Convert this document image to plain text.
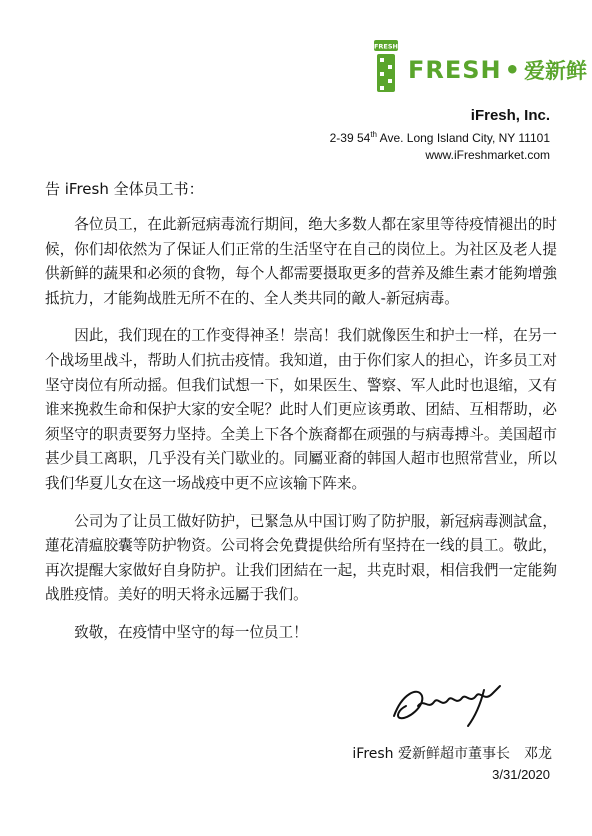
FRESH
FRESH • 爱新鲜
iFresh, Inc.
2-39 54th Ave. Long Island City, NY 11101
www.iFreshmarket.com
告 iFresh 全体员工书：

各位员工，在此新冠病毒流行期间，绝大多数人都在家里等待疫情褪出的时候，你们却依然为了保证人们正常的生活坚守在自己的岗位上。为社区及老人提供新鲜的蔬果和必须的食物，每个人都需要摄取更多的营养及維生素才能夠增強抵抗力，才能夠战胜无所不在的、全人类共同的敵人-新冠病毒。

因此，我们现在的工作变得神圣！崇高！我们就像医生和护士一样，在另一个战场里战斗，帮助人们抗击疫情。我知道，由于你们家人的担心，许多员工对坚守岗位有所动摇。但我们试想一下，如果医生、警察、军人此时也退缩，又有谁来挽救生命和保护大家的安全呢？此时人们更应该勇敢、团結、互相帮助，必须坚守的职责要努力坚持。全美上下各个族裔都在顽强的与病毒搏斗。美国超市甚少員工离职，几乎没有关门歇业的。同屬亚裔的韩国人超市也照常营业，所以我们华夏儿女在这一场战疫中更不应该输下阵来。

公司为了让员工做好防护，已緊急从中国订购了防护服，新冠病毒测試盒，蓮花清瘟胶囊等防护物资。公司将会免費提供给所有坚持在一线的員工。敬此，再次提醒大家做好自身防护。让我们团結在一起，共克时艰，相信我們一定能夠战胜疫情。美好的明天将永远屬于我们。

致敬，在疫情中坚守的每一位员工！

iFresh 爱新鲜超市董事长　邓龙
3/31/2020
